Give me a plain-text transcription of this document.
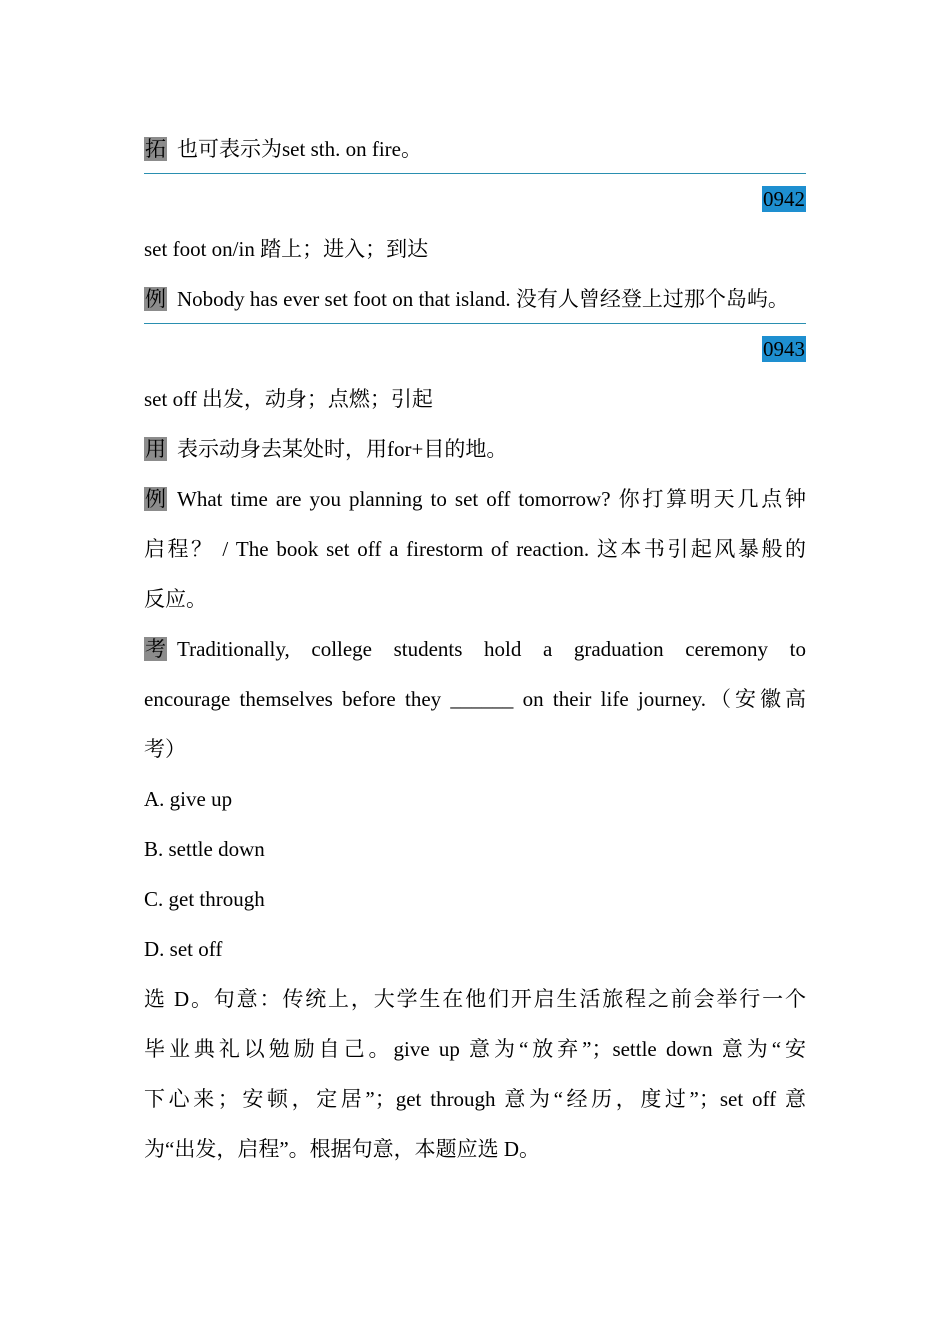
拓 也可表示为set sth. on fire。
0942
set foot on/in 踏上；进入；到达
例 Nobody has ever set foot on that island. 没有人曾经登上过那个岛屿。
0943
set off 出发，动身；点燃；引起
用 表示动身去某处时，用for+目的地。
例 What time are you planning to set off tomorrow? 你打算明天几点钟
启程？ / The book set off a firestorm of reaction. 这本书引起风暴般的
反应。
考 Traditionally, college students hold a graduation ceremony to
encourage themselves before they ______ on their life journey.（安徽高
考）
A. give up
B. settle down
C. get through
D. set off
选 D。句意：传统上，大学生在他们开启生活旅程之前会举行一个
毕业典礼以勉励自己。give up 意为“放弃”；settle down 意为“安
下心来；安顿，定居”；get through 意为“经历，度过”；set off 意
为“出发，启程”。根据句意，本题应选 D。
